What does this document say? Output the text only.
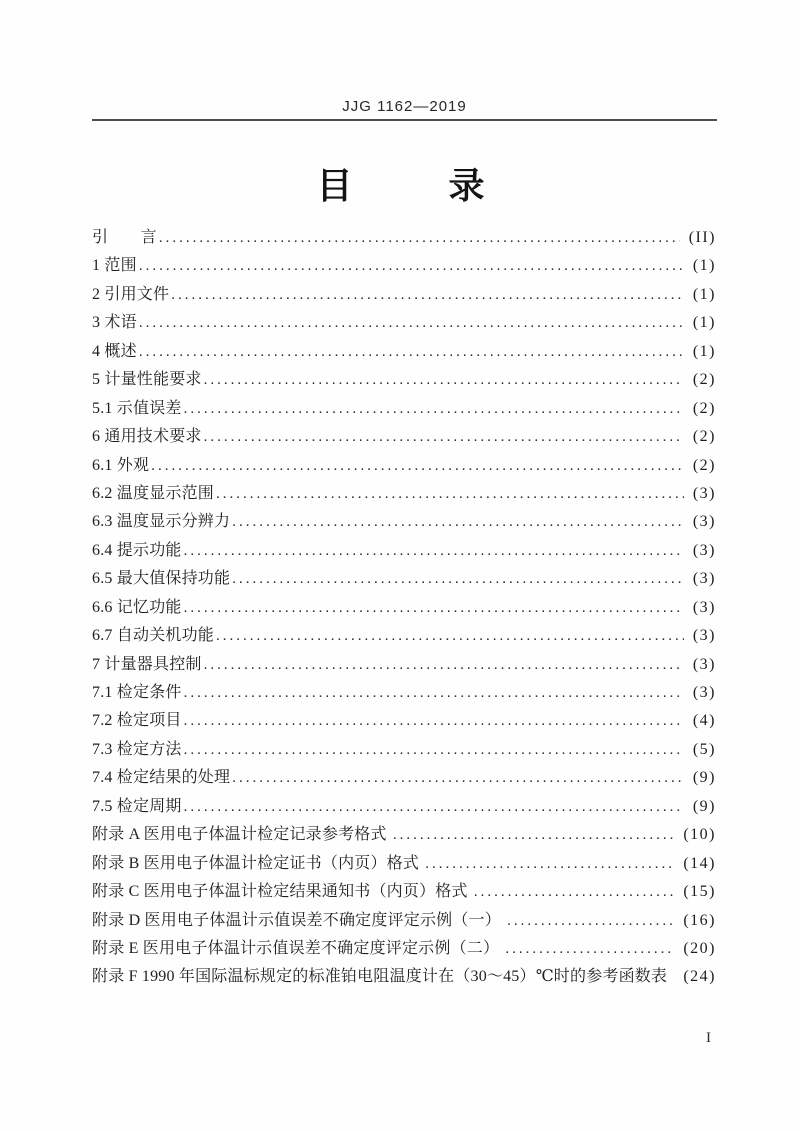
JJG 1162—2019
目　　录
引　　言 .....	(II)
1 范围 .....	(1)
2 引用文件 .....	(1)
3 术语 .....	(1)
4 概述 .....	(1)
5 计量性能要求 .....	(2)
5.1 示值误差 .....	(2)
6 通用技术要求 .....	(2)
6.1 外观 .....	(2)
6.2 温度显示范围 .....	(3)
6.3 温度显示分辨力 .....	(3)
6.4 提示功能 .....	(3)
6.5 最大值保持功能 .....	(3)
6.6 记忆功能 .....	(3)
6.7 自动关机功能 .....	(3)
7 计量器具控制 .....	(3)
7.1 检定条件 .....	(3)
7.2 检定项目 .....	(4)
7.3 检定方法 .....	(5)
7.4 检定结果的处理 .....	(9)
7.5 检定周期 .....	(9)
附录 A 医用电子体温计检定记录参考格式 .....	(10)
附录 B 医用电子体温计检定证书（内页）格式 .....	(14)
附录 C 医用电子体温计检定结果通知书（内页）格式 .....	(15)
附录 D 医用电子体温计示值误差不确定度评定示例（一） .....	(16)
附录 E 医用电子体温计示值误差不确定度评定示例（二） .....	(20)
附录 F 1990 年国际温标规定的标准铂电阻温度计在（30～45）℃时的参考函数表	(24)
I
